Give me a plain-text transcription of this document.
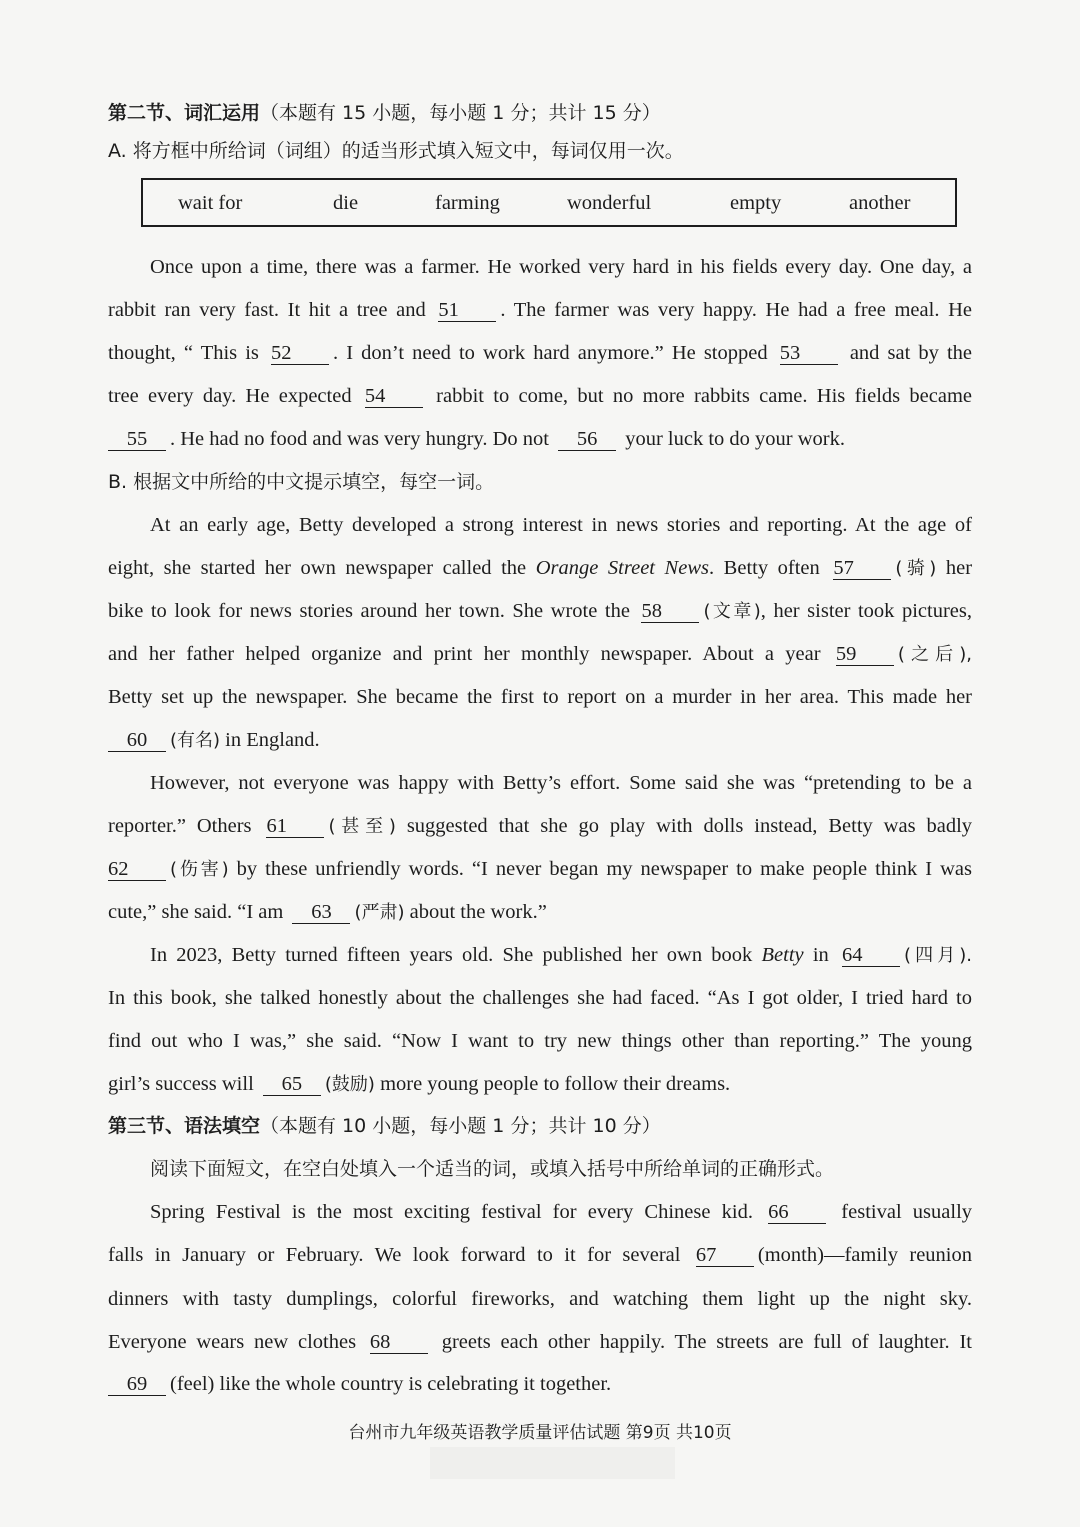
第二节、词汇运用（本题有 15 小题，每小题 1 分；共计 15 分）
A. 将方框中所给词（词组）的适当形式填入短文中，每词仅用一次。
wait for	die	farming	wonderful	empty	another
Once upon a time, there was a farmer. He worked very hard in his fields every day. One day, a
rabbit ran very fast. It hit a tree and 51 . The farmer was very happy. He had a free meal. He
thought, “ This is 52 . I don’t need to work hard anymore.” He stopped 53 and sat by the
tree every day. He expected 54 rabbit to come, but no more rabbits came. His fields became
55 . He had no food and was very hungry. Do not 56 your luck to do your work.
B. 根据文中所给的中文提示填空，每空一词。
At an early age, Betty developed a strong interest in news stories and reporting. At the age of
eight, she started her own newspaper called the Orange Street News. Betty often 57 (骑) her
bike to look for news stories around her town. She wrote the 58 (文章), her sister took pictures,
and her father helped organize and print her monthly newspaper. About a year 59 (之后),
Betty set up the newspaper. She became the first to report on a murder in her area. This made her
60 (有名) in England.
However, not everyone was happy with Betty’s effort. Some said she was “pretending to be a
reporter.” Others 61 (甚至) suggested that she go play with dolls instead, Betty was badly
62 (伤害) by these unfriendly words. “I never began my newspaper to make people think I was
cute,” she said. “I am 63 (严肃) about the work.”
In 2023, Betty turned fifteen years old. She published her own book Betty in 64 (四月).
In this book, she talked honestly about the challenges she had faced. “As I got older, I tried hard to
find out who I was,” she said. “Now I want to try new things other than reporting.” The young
girl’s success will 65 (鼓励) more young people to follow their dreams.
第三节、语法填空（本题有 10 小题，每小题 1 分；共计 10 分）
阅读下面短文，在空白处填入一个适当的词，或填入括号中所给单词的正确形式。
Spring Festival is the most exciting festival for every Chinese kid. 66	festival usually
falls in January or February. We look forward to it for several 67 (month)—family reunion
dinners with tasty dumplings, colorful fireworks, and watching them light up the night sky.
Everyone wears new clothes 68	greets each other happily. The streets are full of laughter. It
69 (feel) like the whole country is celebrating it together.
台州市九年级英语教学质量评估试题 第9页 共10页
